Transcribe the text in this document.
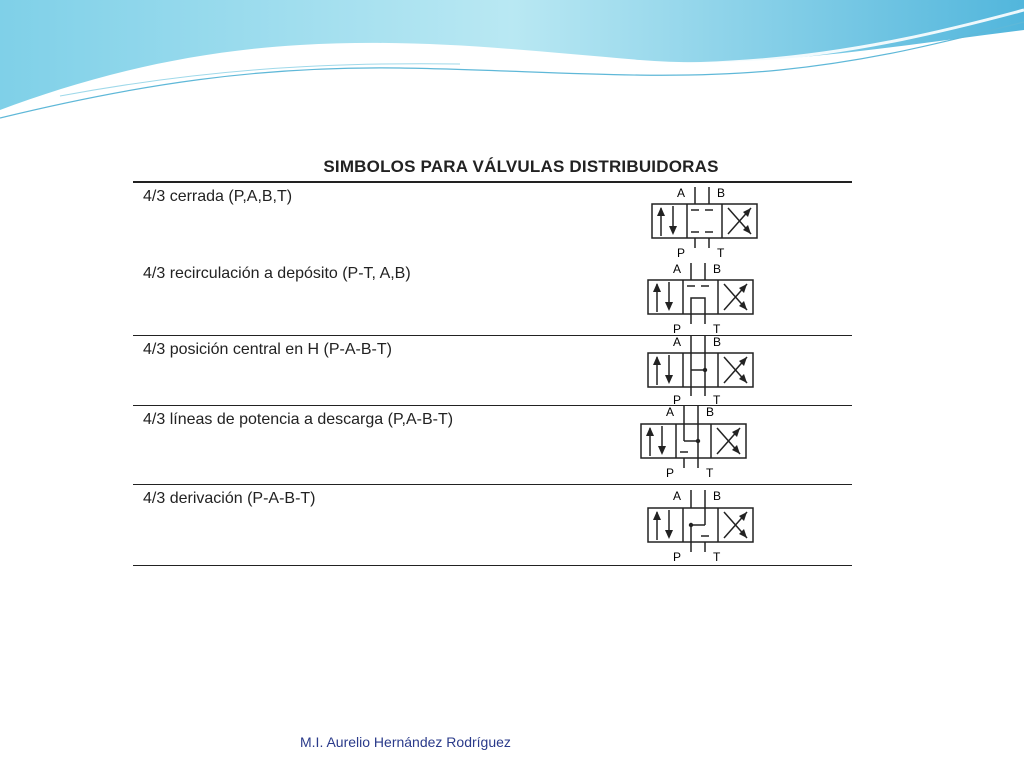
SIMBOLOS PARA VÁLVULAS DISTRIBUIDORAS
4/3 cerrada (P,A,B,T)
4/3 recirculación a depósito (P-T, A,B)
4/3 posición central en H (P-A-B-T)
4/3 líneas de potencia a descarga (P,A-B-T)
4/3 derivación (P-A-B-T)
A	B
P	T
A	B
P	T
A	B
P	T
A	B
P	T
A	B
P	T
M.I. Aurelio Hernández Rodríguez
